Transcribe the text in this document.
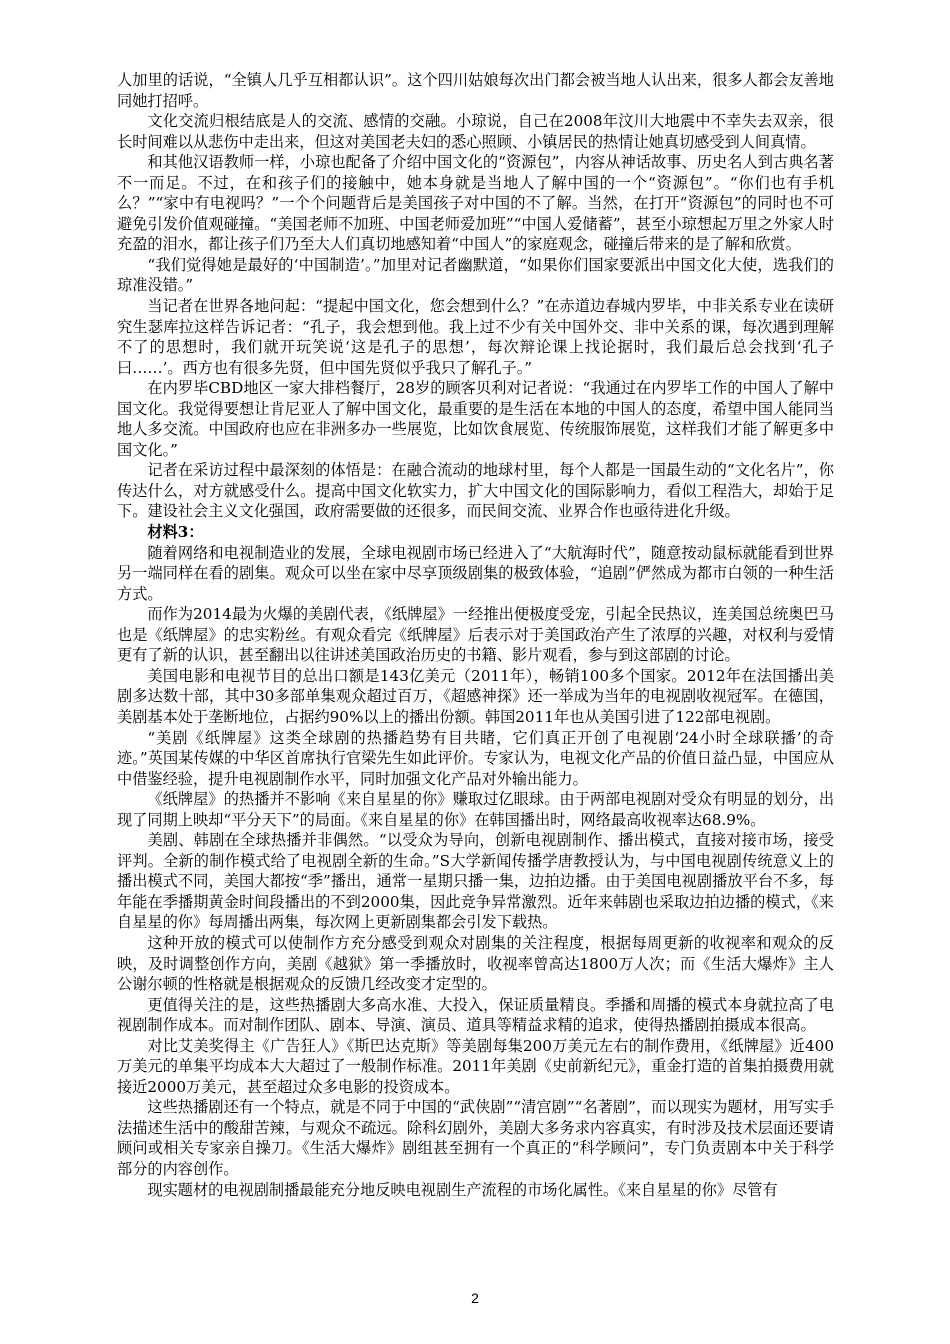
人加里的话说，“全镇人几乎互相都认识”。这个四川姑娘每次出门都会被当地人认出来，很多人都会友善地同她打招呼。

文化交流归根结底是人的交流、感情的交融。小琼说，自己在2008年汶川大地震中不幸失去双亲，很长时间难以从悲伤中走出来，但这对美国老夫妇的悉心照顾、小镇居民的热情让她真切感受到人间真情。

和其他汉语教师一样，小琼也配备了介绍中国文化的“资源包”，内容从神话故事、历史名人到古典名著不一而足。不过，在和孩子们的接触中，她本身就是当地人了解中国的一个“资源包”。“你们也有手机么？”“家中有电视吗？”一个个问题背后是美国孩子对中国的不了解。当然，在打开“资源包”的同时也不可避免引发价值观碰撞。“美国老师不加班、中国老师爱加班”“中国人爱储蓄”，甚至小琼想起万里之外家人时充盈的泪水，都让孩子们乃至大人们真切地感知着“中国人”的家庭观念，碰撞后带来的是了解和欣赏。

“我们觉得她是最好的‘中国制造’。”加里对记者幽默道，“如果你们国家要派出中国文化大使，选我们的琼准没错。”

当记者在世界各地问起：“提起中国文化，您会想到什么？”在赤道边春城内罗毕，中非关系专业在读研究生瑟库拉这样告诉记者：“孔子，我会想到他。我上过不少有关中国外交、非中关系的课，每次遇到理解不了的思想时，我们就开玩笑说‘这是孔子的思想’，每次辩论课上找论据时，我们最后总会找到‘孔子曰……’。西方也有很多先贤，但中国先贤似乎我只了解孔子。”

在内罗毕CBD地区一家大排档餐厅，28岁的顾客贝利对记者说：“我通过在内罗毕工作的中国人了解中国文化。我觉得要想让肯尼亚人了解中国文化，最重要的是生活在本地的中国人的态度，希望中国人能同当地人多交流。中国政府也应在非洲多办一些展览，比如饮食展览、传统服饰展览，这样我们才能了解更多中国文化。”

记者在采访过程中最深刻的体悟是：在融合流动的地球村里，每个人都是一国最生动的“文化名片”，你传达什么，对方就感受什么。提高中国文化软实力，扩大中国文化的国际影响力，看似工程浩大，却始于足下。建设社会主义文化强国，政府需要做的还很多，而民间交流、业界合作也亟待进化升级。

材料3：

随着网络和电视制造业的发展，全球电视剧市场已经进入了“大航海时代”，随意按动鼠标就能看到世界另一端同样在看的剧集。观众可以坐在家中尽享顶级剧集的极致体验，“追剧”俨然成为都市白领的一种生活方式。

而作为2014最为火爆的美剧代表，《纸牌屋》一经推出便极度受宠，引起全民热议，连美国总统奥巴马也是《纸牌屋》的忠实粉丝。有观众看完《纸牌屋》后表示对于美国政治产生了浓厚的兴趣，对权利与爱情更有了新的认识，甚至翻出以往讲述美国政治历史的书籍、影片观看，参与到这部剧的讨论。

美国电影和电视节目的总出口额是143亿美元（2011年），畅销100多个国家。2012年在法国播出美剧多达数十部，其中30多部单集观众超过百万，《超感神探》还一举成为当年的电视剧收视冠军。在德国，美剧基本处于垄断地位，占据约90%以上的播出份额。韩国2011年也从美国引进了122部电视剧。

“美剧《纸牌屋》这类全球剧的热播趋势有目共睹，它们真正开创了电视剧‘24小时全球联播’的奇迹。”英国某传媒的中华区首席执行官梁先生如此评价。专家认为，电视文化产品的价值日益凸显，中国应从中借鉴经验，提升电视剧制作水平，同时加强文化产品对外输出能力。

《纸牌屋》的热播并不影响《来自星星的你》赚取过亿眼球。由于两部电视剧对受众有明显的划分，出现了同期上映却“平分天下”的局面。《来自星星的你》在韩国播出时，网络最高收视率达68.9%。

美剧、韩剧在全球热播并非偶然。“以受众为导向，创新电视剧制作、播出模式，直接对接市场，接受评判。全新的制作模式给了电视剧全新的生命。”S大学新闻传播学唐教授认为，与中国电视剧传统意义上的播出模式不同，美国大都按“季”播出，通常一星期只播一集，边拍边播。由于美国电视剧播放平台不多，每年能在季播期黄金时间段播出的不到2000集，因此竞争异常激烈。近年来韩剧也采取边拍边播的模式，《来自星星的你》每周播出两集，每次网上更新剧集都会引发下载热。

这种开放的模式可以使制作方充分感受到观众对剧集的关注程度，根据每周更新的收视率和观众的反映，及时调整创作方向，美剧《越狱》第一季播放时，收视率曾高达1800万人次；而《生活大爆炸》主人公谢尔顿的性格就是根据观众的反馈几经改变才定型的。

更值得关注的是，这些热播剧大多高水准、大投入，保证质量精良。季播和周播的模式本身就拉高了电视剧制作成本。而对制作团队、剧本、导演、演员、道具等精益求精的追求，使得热播剧拍摄成本很高。

对比艾美奖得主《广告狂人》《斯巴达克斯》等美剧每集200万美元左右的制作费用，《纸牌屋》近400万美元的单集平均成本大大超过了一般制作标准。2011年美剧《史前新纪元》，重金打造的首集拍摄费用就接近2000万美元，甚至超过众多电影的投资成本。

这些热播剧还有一个特点，就是不同于中国的“武侠剧”“清宫剧”“名著剧”，而以现实为题材，用写实手法描述生活中的酸甜苦辣，与观众不疏远。除科幻剧外，美剧大多务求内容真实，有时涉及技术层面还要请顾问或相关专家亲自操刀。《生活大爆炸》剧组甚至拥有一个真正的“科学顾问”，专门负责剧本中关于科学部分的内容创作。

现实题材的电视剧制播最能充分地反映电视剧生产流程的市场化属性。《来自星星的你》尽管有

2
